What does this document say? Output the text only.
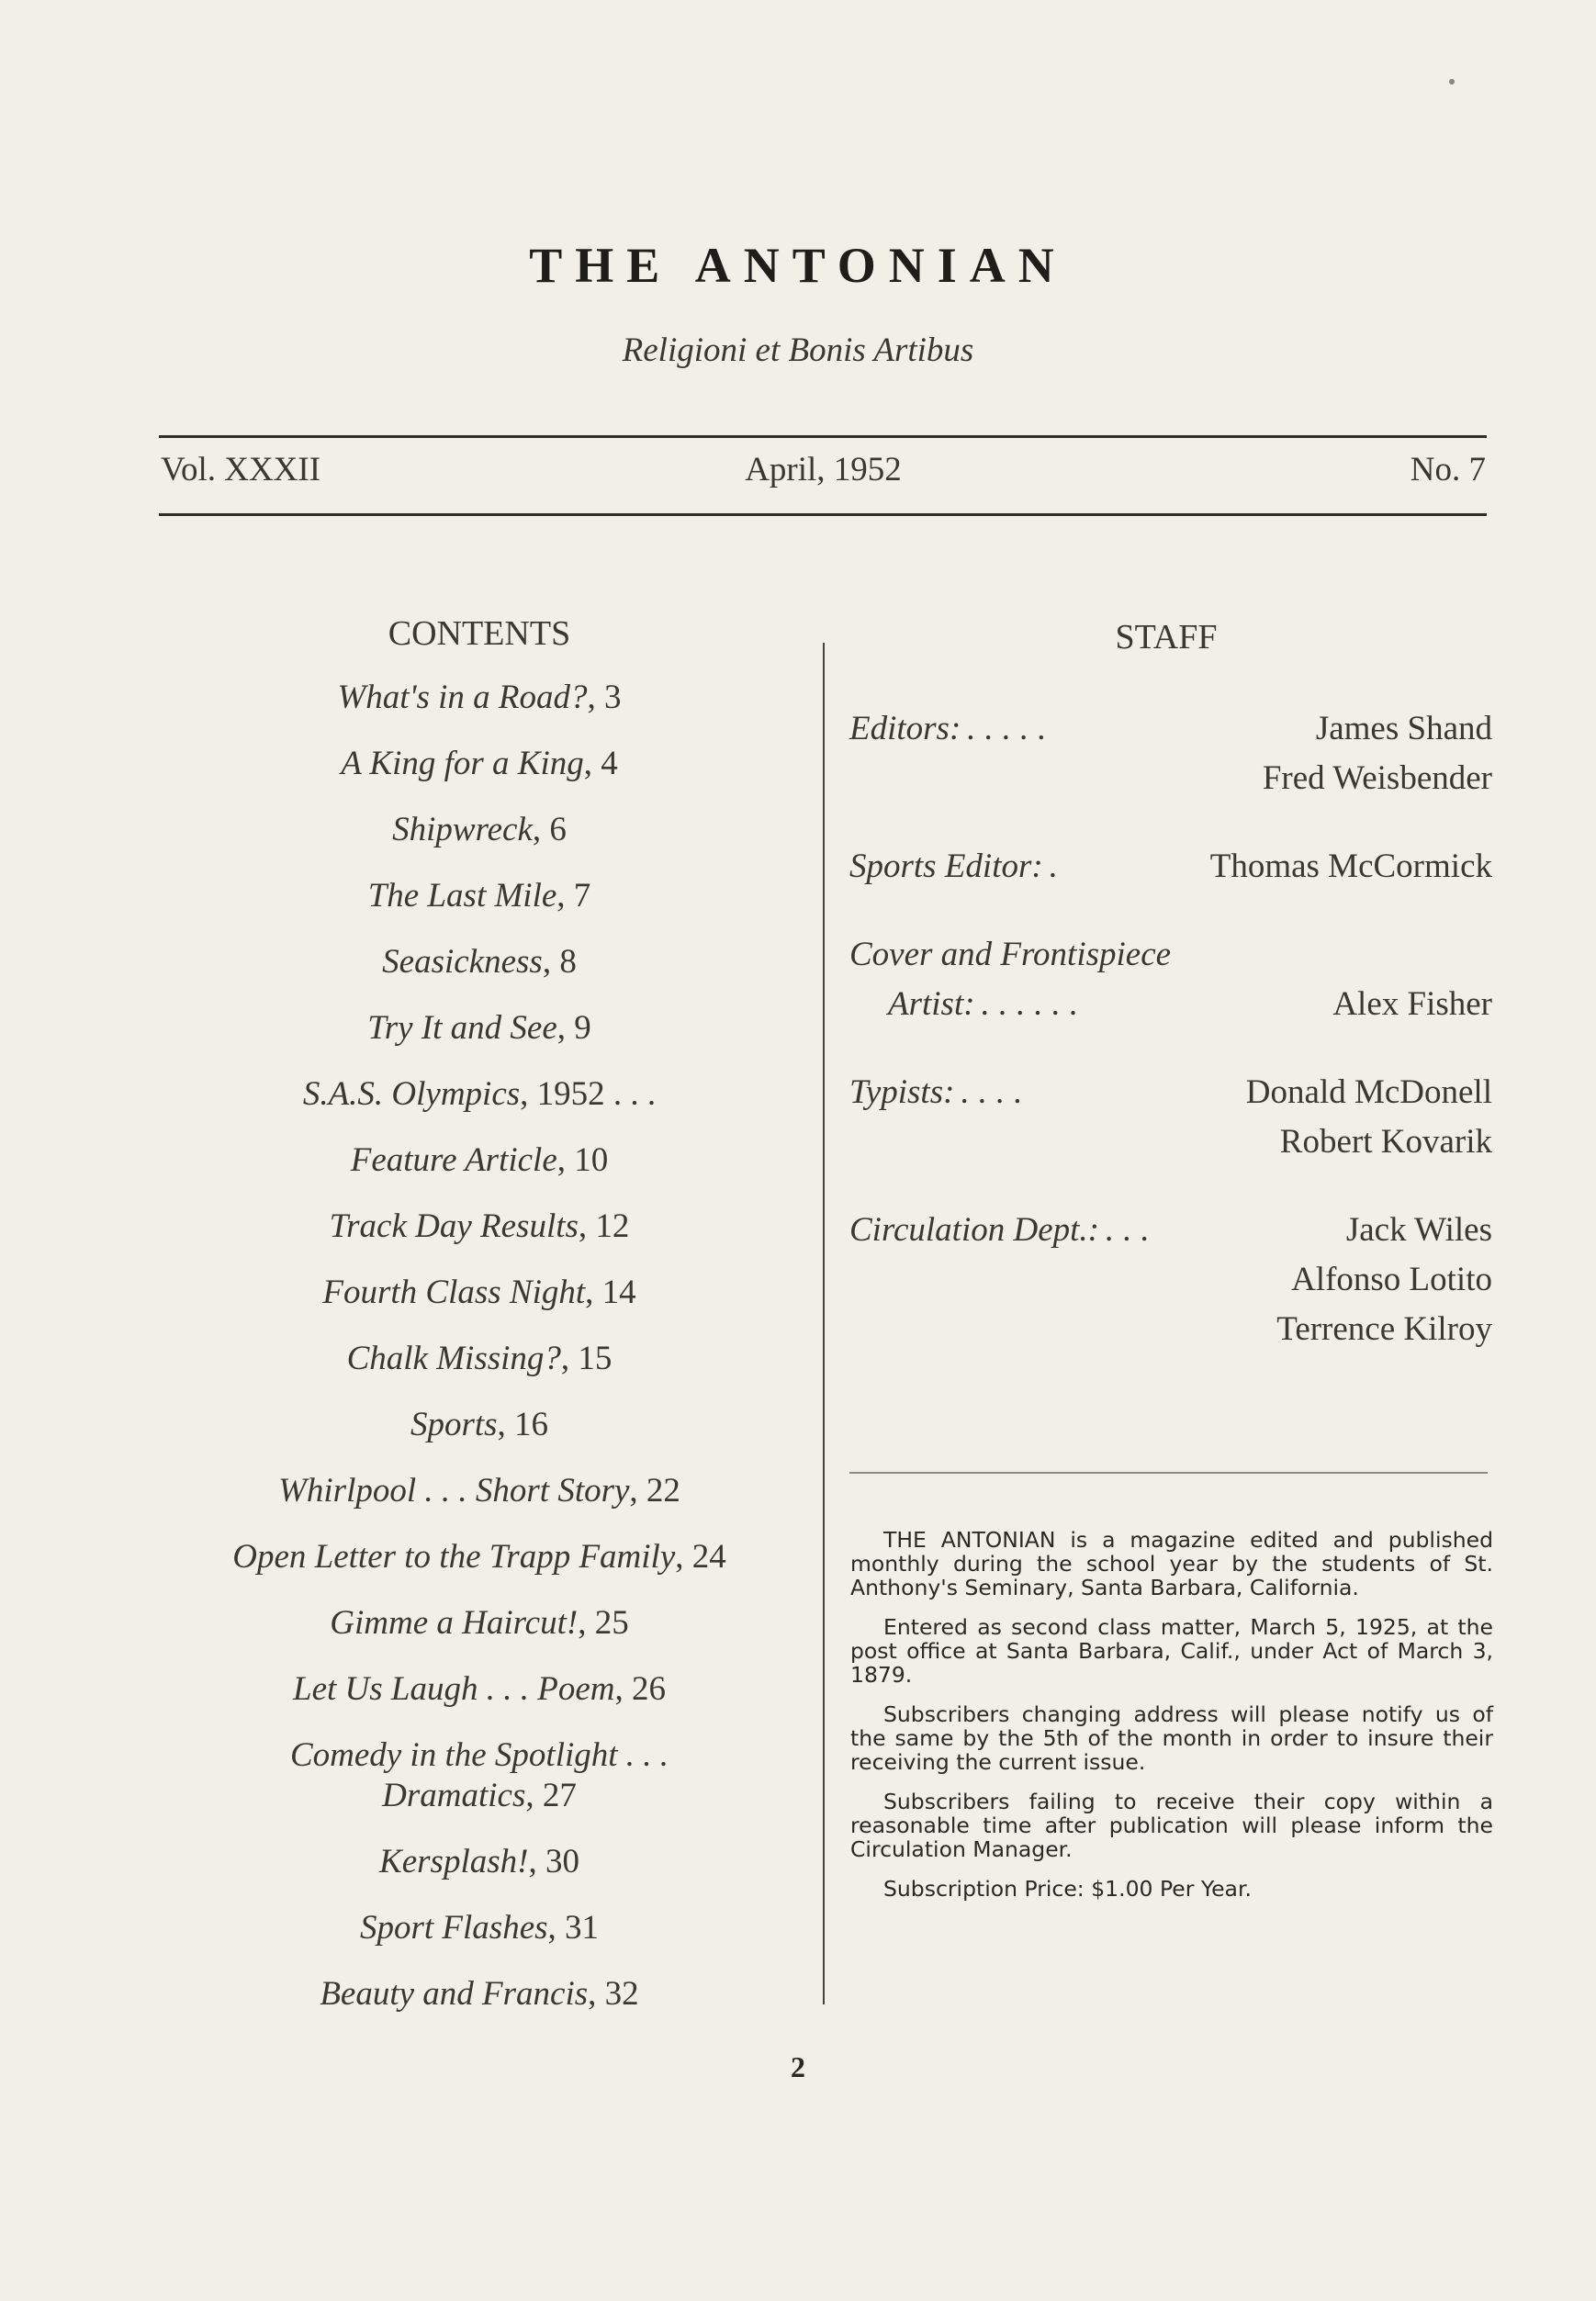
THE ANTONIAN
Religioni et Bonis Artibus
Vol. XXXII	April, 1952	No. 7
CONTENTS
What's in a Road?, 3
A King for a King, 4
Shipwreck, 6
The Last Mile, 7
Seasickness, 8
Try It and See, 9
S.A.S. Olympics, 1952 . . .
Feature Article, 10
Track Day Results, 12
Fourth Class Night, 14
Chalk Missing?, 15
Sports, 16
Whirlpool . . . Short Story, 22
Open Letter to the Trapp Family, 24
Gimme a Haircut!, 25
Let Us Laugh . . . Poem, 26
Comedy in the Spotlight . . . Dramatics, 27
Kersplash!, 30
Sport Flashes, 31
Beauty and Francis, 32
STAFF
Editors: .....	James Shand
Fred Weisbender
Sports Editor: .	Thomas McCormick
Cover and Frontispiece
Artist: ......	Alex Fisher
Typists: ....	Donald McDonell
Robert Kovarik
Circulation Dept.: ...	Jack Wiles
Alfonso Lotito
Terrence Kilroy

THE ANTONIAN is a magazine edited and published monthly during the school year by the students of St. Anthony's Seminary, Santa Barbara, California.

Entered as second class matter, March 5, 1925, at the post office at Santa Barbara, Calif., under Act of March 3, 1879.

Subscribers changing address will please notify us of the same by the 5th of the month in order to insure their receiving the current issue.

Subscribers failing to receive their copy within a reasonable time after publication will please inform the Circulation Manager.

Subscription Price: $1.00 Per Year.

2
